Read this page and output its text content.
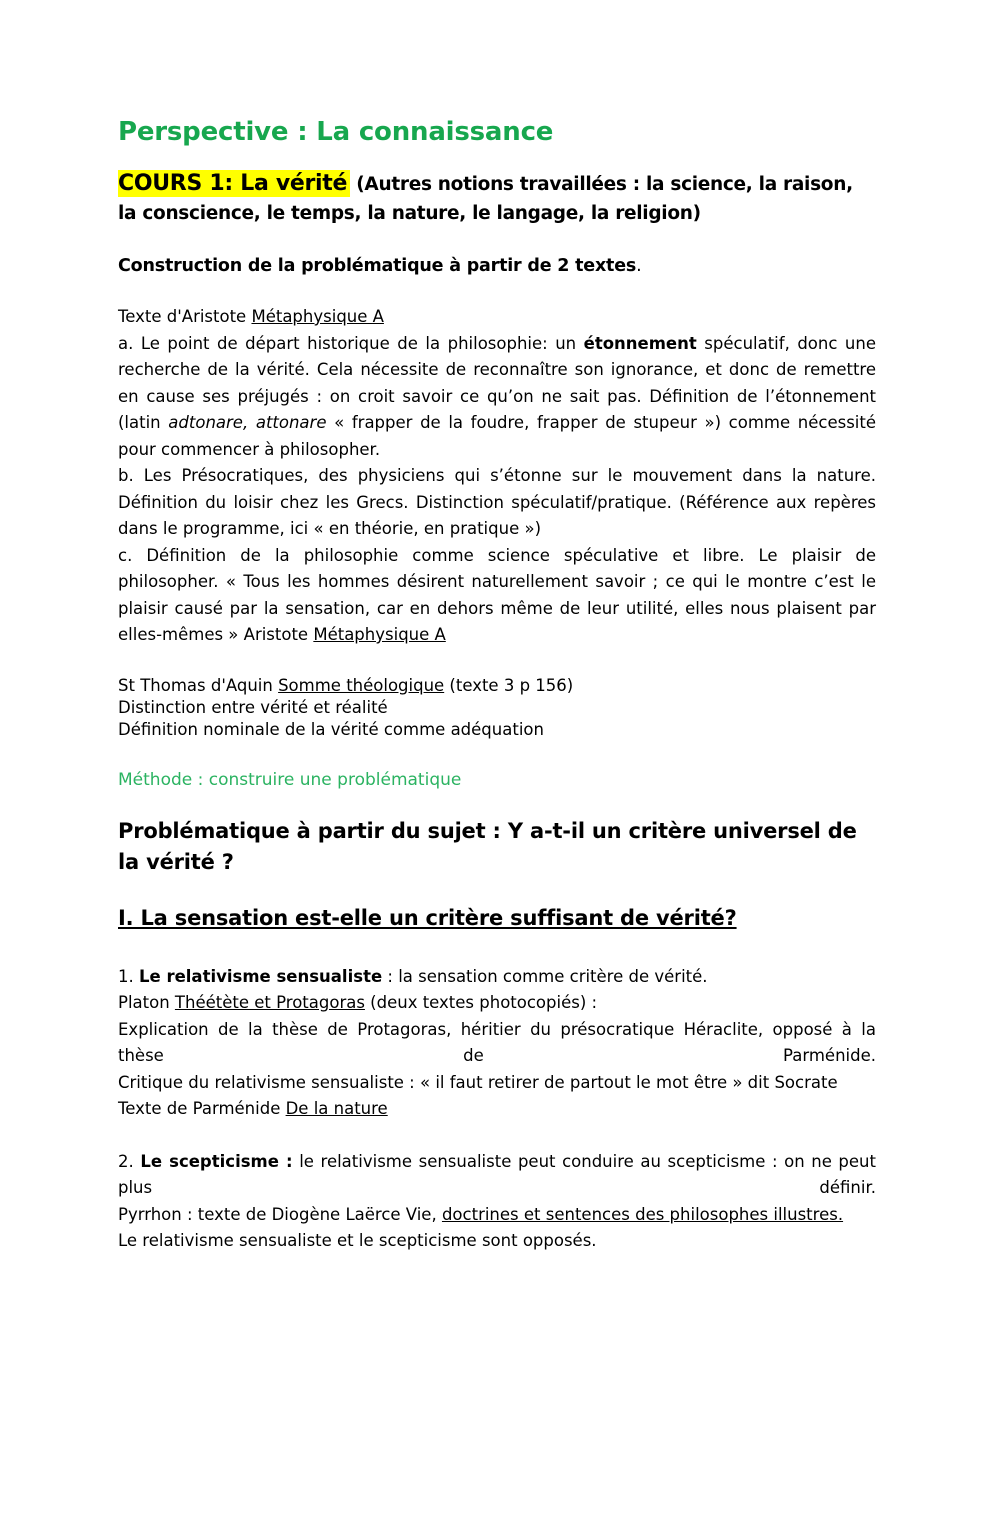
Perspective : La connaissance
COURS 1: La vérité (Autres notions travaillées : la science, la raison, la conscience, le temps, la nature, le langage, la religion)

Construction de la problématique à partir de 2 textes.

Texte d'Aristote Métaphysique A

a. Le point de départ historique de la philosophie: un étonnement spéculatif, donc une recherche de la vérité. Cela nécessite de reconnaître son ignorance, et donc de remettre en cause ses préjugés : on croit savoir ce qu’on ne sait pas. Définition de l’étonnement (latin adtonare, attonare « frapper de la foudre, frapper de stupeur ») comme nécessité pour commencer à philosopher.

b. Les Présocratiques, des physiciens qui s’étonne sur le mouvement dans la nature. Définition du loisir chez les Grecs. Distinction spéculatif/pratique. (Référence aux repères dans le programme, ici « en théorie, en pratique »)

c. Définition de la philosophie comme science spéculative et libre. Le plaisir de philosopher. « Tous les hommes désirent naturellement savoir ; ce qui le montre c’est le plaisir causé par la sensation, car en dehors même de leur utilité, elles nous plaisent par elles-mêmes » Aristote Métaphysique A

St Thomas d'Aquin Somme théologique (texte 3 p 156)
Distinction entre vérité et réalité
Définition nominale de la vérité comme adéquation

Méthode : construire une problématique

Problématique à partir du sujet : Y a-t-il un critère universel de la vérité ?
I. La sensation est-elle un critère suffisant de vérité?
1. Le relativisme sensualiste : la sensation comme critère de vérité.
Platon Théétète et Protagoras (deux textes photocopiés) :

Explication de la thèse de Protagoras, héritier du présocratique Héraclite, opposé à la thèse de Parménide.

Critique du relativisme sensualiste : « il faut retirer de partout le mot être » dit Socrate

Texte de Parménide De la nature

2. Le scepticisme : le relativisme sensualiste peut conduire au scepticisme : on ne peut plus définir.

Pyrrhon : texte de Diogène Laërce Vie, doctrines et sentences des philosophes illustres.

Le relativisme sensualiste et le scepticisme sont opposés.
